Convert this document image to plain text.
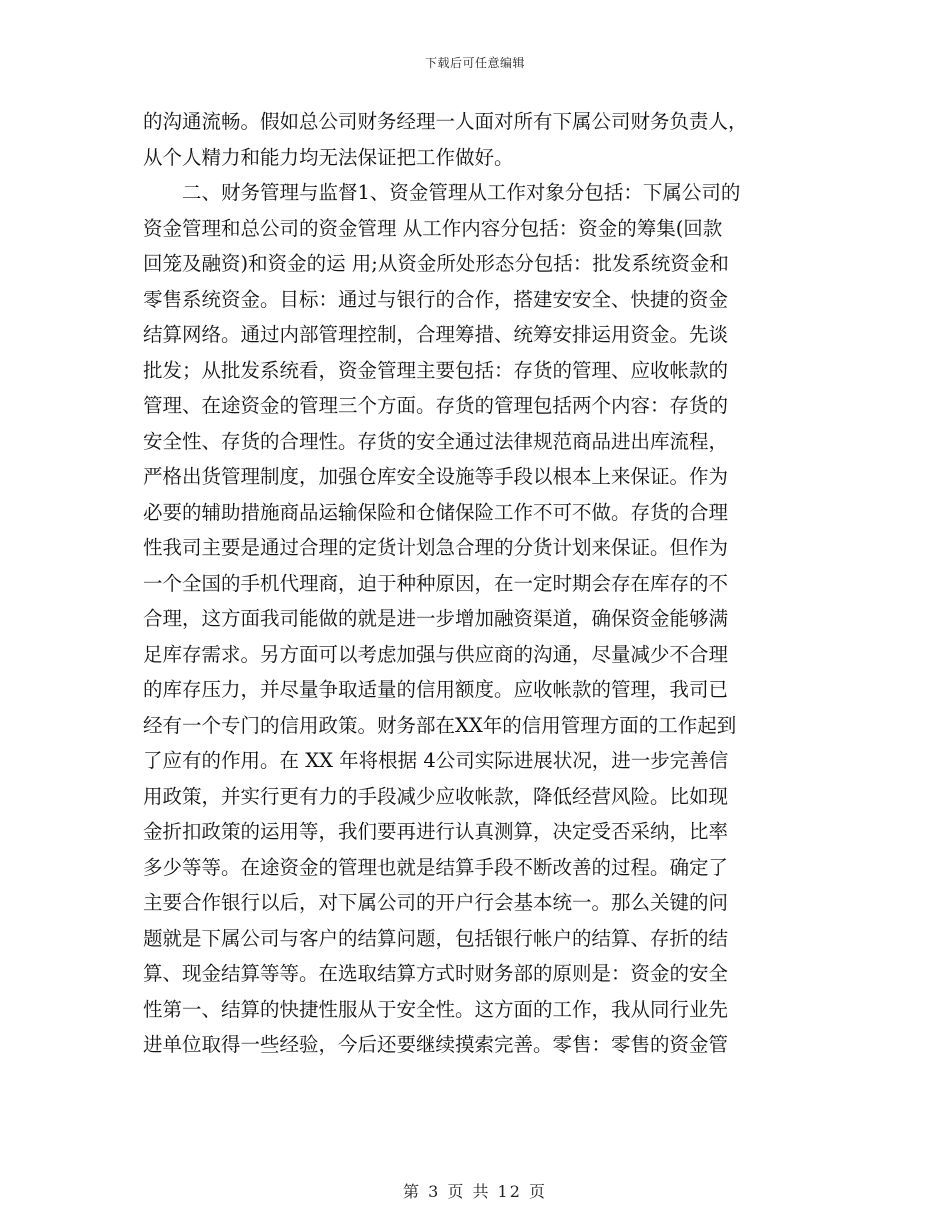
下载后可任意编辑
的沟通流畅。假如总公司财务经理一人面对所有下属公司财务负责人，
从个人精力和能力均无法保证把工作做好。
　　二、财务管理与监督1、资金管理从工作对象分包括：下属公司的
资金管理和总公司的资金管理 从工作内容分包括：资金的筹集(回款
回笼及融资)和资金的运 用;从资金所处形态分包括：批发系统资金和
零售系统资金。目标：通过与银行的合作，搭建安安全、快捷的资金
结算网络。通过内部管理控制，合理筹措、统筹安排运用资金。先谈
批发；从批发系统看，资金管理主要包括：存货的管理、应收帐款的
管理、在途资金的管理三个方面。存货的管理包括两个内容：存货的
安全性、存货的合理性。存货的安全通过法律规范商品进出库流程，
严格出货管理制度，加强仓库安全设施等手段以根本上来保证。作为
必要的辅助措施商品运输保险和仓储保险工作不可不做。存货的合理
性我司主要是通过合理的定货计划急合理的分货计划来保证。但作为
一个全国的手机代理商，迫于种种原因，在一定时期会存在库存的不
合理，这方面我司能做的就是进一步增加融资渠道，确保资金能够满
足库存需求。另方面可以考虑加强与供应商的沟通，尽量减少不合理
的库存压力，并尽量争取适量的信用额度。应收帐款的管理，我司已
经有一个专门的信用政策。财务部在XX年的信用管理方面的工作起到
了应有的作用。在 XX 年将根据 4公司实际进展状况，进一步完善信
用政策，并实行更有力的手段减少应收帐款，降低经营风险。比如现
金折扣政策的运用等，我们要再进行认真测算，决定受否采纳，比率
多少等等。在途资金的管理也就是结算手段不断改善的过程。确定了
主要合作银行以后，对下属公司的开户行会基本统一。那么关键的问
题就是下属公司与客户的结算问题，包括银行帐户的结算、存折的结
算、现金结算等等。在选取结算方式时财务部的原则是：资金的安全
性第一、结算的快捷性服从于安全性。这方面的工作，我从同行业先
进单位取得一些经验，今后还要继续摸索完善。零售：零售的资金管
第 3 页 共 12 页
